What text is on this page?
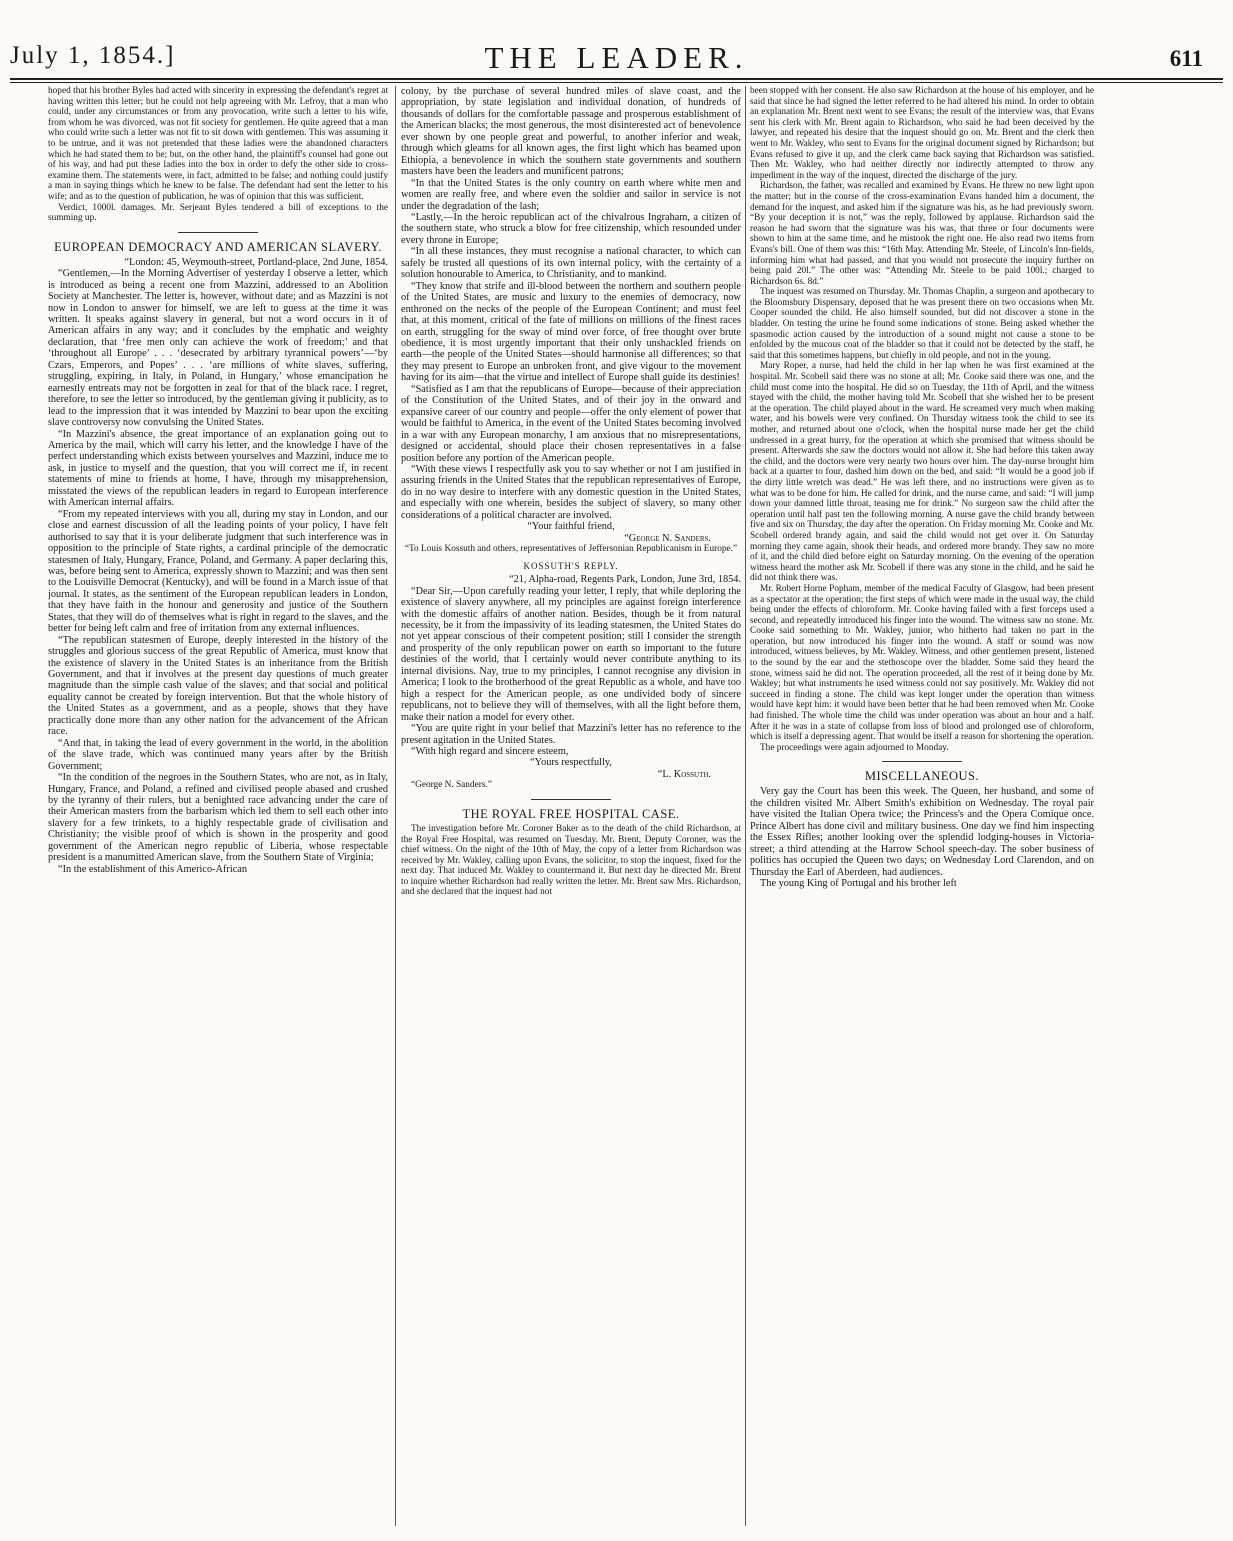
July 1, 1854.]	THE LEADER.	611

hoped that his brother Byles had acted with sincerity in expressing the defendant's regret at having written this letter; but he could not help agreeing with Mr. Lefroy, that a man who could, under any circumstances or from any provocation, write such a letter to his wife, from whom he was divorced, was not fit society for gentlemen. He quite agreed that a man who could write such a letter was not fit to sit down with gentlemen. This was assuming it to be untrue, and it was not pretended that these ladies were the abandoned characters which he had stated them to be; but, on the other hand, the plaintiff's counsel had gone out of his way, and had put these ladies into the box in order to defy the other side to cross-examine them. The statements were, in fact, admitted to be false; and nothing could justify a man in saying things which he knew to be false. The defendant had sent the letter to his wife; and as to the question of publication, he was of opinion that this was sufficient.

Verdict, 1000l. damages. Mr. Serjeant Byles tendered a bill of exceptions to the summing up.

EUROPEAN DEMOCRACY AND AMERICAN SLAVERY.

“London: 45, Weymouth-street, Portland-place, 2nd June, 1854.

“Gentlemen,—In the Morning Advertiser of yesterday I observe a letter, which is introduced as being a recent one from Mazzini, addressed to an Abolition Society at Manchester. The letter is, however, without date; and as Mazzini is not now in London to answer for himself, we are left to guess at the time it was written. It speaks against slavery in general, but not a word occurs in it of American affairs in any way; and it concludes by the emphatic and weighty declaration, that ‘free men only can achieve the work of freedom;’ and that ‘throughout all Europe’ . . . ‘desecrated by arbitrary tyrannical powers’—‘by Czars, Emperors, and Popes’ . . . ‘are millions of white slaves, suffering, struggling, expiring, in Italy, in Poland, in Hungary,’ whose emancipation he earnestly entreats may not be forgotten in zeal for that of the black race. I regret, therefore, to see the letter so introduced, by the gentleman giving it publicity, as to lead to the impression that it was intended by Mazzini to bear upon the exciting slave controversy now convulsing the United States.

“In Mazzini's absence, the great importance of an explanation going out to America by the mail, which will carry his letter, and the knowledge I have of the perfect understanding which exists between yourselves and Mazzini, induce me to ask, in justice to myself and the question, that you will correct me if, in recent statements of mine to friends at home, I have, through my misapprehension, misstated the views of the republican leaders in regard to European interference with American internal affairs.

“From my repeated interviews with you all, during my stay in London, and our close and earnest discussion of all the leading points of your policy, I have felt authorised to say that it is your deliberate judgment that such interference was in opposition to the principle of State rights, a cardinal principle of the democratic statesmen of Italy, Hungary, France, Poland, and Germany. A paper declaring this, was, before being sent to America, expressly shown to Mazzini; and was then sent to the Louisville Democrat (Kentucky), and will be found in a March issue of that journal. It states, as the sentiment of the European republican leaders in London, that they have faith in the honour and generosity and justice of the Southern States, that they will do of themselves what is right in regard to the slaves, and the better for being left calm and free of irritation from any external influences.

“The republican statesmen of Europe, deeply interested in the history of the struggles and glorious success of the great Republic of America, must know that the existence of slavery in the United States is an inheritance from the British Government, and that it involves at the present day questions of much greater magnitude than the simple cash value of the slaves; and that social and political equality cannot be created by foreign intervention. But that the whole history of the United States as a government, and as a people, shows that they have practically done more than any other nation for the advancement of the African race.

“And that, in taking the lead of every government in the world, in the abolition of the slave trade, which was continued many years after by the British Government;

“In the condition of the negroes in the Southern States, who are not, as in Italy, Hungary, France, and Poland, a refined and civilised people abased and crushed by the tyranny of their rulers, but a benighted race advancing under the care of their American masters from the barbarism which led them to sell each other into slavery for a few trinkets, to a highly respectable grade of civilisation and Christianity; the visible proof of which is shown in the prosperity and good government of the American negro republic of Liberia, whose respectable president is a manumitted American slave, from the Southern State of Virginia;

“In the establishment of this Americo-African

colony, by the purchase of several hundred miles of slave coast, and the appropriation, by state legislation and individual donation, of hundreds of thousands of dollars for the comfortable passage and prosperous establishment of the American blacks; the most generous, the most disinterested act of benevolence ever shown by one people great and powerful, to another inferior and weak, through which gleams for all known ages, the first light which has beamed upon Ethiopia, a benevolence in which the southern state governments and southern masters have been the leaders and munificent patrons;

“In that the United States is the only country on earth where white men and women are really free, and where even the soldier and sailor in service is not under the degradation of the lash;

“Lastly,—In the heroic republican act of the chivalrous Ingraham, a citizen of the southern state, who struck a blow for free citizenship, which resounded under every throne in Europe;

“In all these instances, they must recognise a national character, to which can safely be trusted all questions of its own internal policy, with the certainty of a solution honourable to America, to Christianity, and to mankind.

“They know that strife and ill-blood between the northern and southern people of the United States, are music and luxury to the enemies of democracy, now enthroned on the necks of the people of the European Continent; and must feel that, at this moment, critical of the fate of millions on millions of the finest races on earth, struggling for the sway of mind over force, of free thought over brute obedience, it is most urgently important that their only unshackled friends on earth—the people of the United States—should harmonise all differences; so that they may present to Europe an unbroken front, and give vigour to the movement having for its aim—that the virtue and intellect of Europe shall guide its destinies!

“Satisfied as I am that the republicans of Europe—because of their appreciation of the Constitution of the United States, and of their joy in the onward and expansive career of our country and people—offer the only element of power that would be faithful to America, in the event of the United States becoming involved in a war with any European monarchy, I am anxious that no misrepresentations, designed or accidental, should place their chosen representatives in a false position before any portion of the American people.

“With these views I respectfully ask you to say whether or not I am justified in assuring friends in the United States that the republican representatives of Europe, do in no way desire to interfere with any domestic question in the United States, and especially with one wherein, besides the subject of slavery, so many other considerations of a political character are involved.

“Your faithful friend,

“George N. Sanders.

“To Louis Kossuth and others, representatives of Jeffersonian Republicanism in Europe.”

KOSSUTH'S REPLY.

“21, Alpha-road, Regents Park, London, June 3rd, 1854.

“Dear Sir,—Upon carefully reading your letter, I reply, that while deploring the existence of slavery anywhere, all my principles are against foreign interference with the domestic affairs of another nation. Besides, though be it from natural necessity, be it from the impassivity of its leading statesmen, the United States do not yet appear conscious of their competent position; still I consider the strength and prosperity of the only republican power on earth so important to the future destinies of the world, that I certainly would never contribute anything to its internal divisions. Nay, true to my principles, I cannot recognise any division in America; I look to the brotherhood of the great Republic as a whole, and have too high a respect for the American people, as one undivided body of sincere republicans, not to believe they will of themselves, with all the light before them, make their nation a model for every other.

“You are quite right in your belief that Mazzini's letter has no reference to the present agitation in the United States.

“With high regard and sincere esteem,

“Yours respectfully,

“L. Kossuth.

“George N. Sanders.”

THE ROYAL FREE HOSPITAL CASE.

The investigation before Mr. Coroner Baker as to the death of the child Richardson, at the Royal Free Hospital, was resumed on Tuesday. Mr. Brent, Deputy Coroner, was the chief witness. On the night of the 10th of May, the copy of a letter from Richardson was received by Mr. Wakley, calling upon Evans, the solicitor, to stop the inquest, fixed for the next day. That induced Mr. Wakley to countermand it. But next day he directed Mr. Brent to inquire whether Richardson had really written the letter. Mr. Brent saw Mrs. Richardson, and she declared that the inquest had not

been stopped with her consent. He also saw Richardson at the house of his employer, and he said that since he had signed the letter referred to he had altered his mind. In order to obtain an explanation Mr. Brent next went to see Evans; the result of the interview was, that Evans sent his clerk with Mr. Brent again to Richardson, who said he had been deceived by the lawyer, and repeated his desire that the inquest should go on. Mr. Brent and the clerk then went to Mr. Wakley, who sent to Evans for the original document signed by Richardson; but Evans refused to give it up, and the clerk came back saying that Richardson was satisfied. Then Mr. Wakley, who had neither directly nor indirectly attempted to throw any impediment in the way of the inquest, directed the discharge of the jury.

Richardson, the father, was recalled and examined by Evans. He threw no new light upon the matter; but in the course of the cross-examination Evans handed him a document, the demand for the inquest, and asked him if the signature was his, as he had previously sworn. “By your deception it is not,” was the reply, followed by applause. Richardson said the reason he had sworn that the signature was his was, that three or four documents were shown to him at the same time, and he mistook the right one. He also read two items from Evans's bill. One of them was this: “16th May. Attending Mr. Steele, of Lincoln's Inn-fields, informing him what had passed, and that you would not prosecute the inquiry further on being paid 20l.” The other was: “Attending Mr. Steele to be paid 100l.; charged to Richardson 6s. 8d.”

The inquest was resumed on Thursday. Mr. Thomas Chaplin, a surgeon and apothecary to the Bloomsbury Dispensary, deposed that he was present there on two occasions when Mr. Cooper sounded the child. He also himself sounded, but did not discover a stone in the bladder. On testing the urine he found some indications of stone. Being asked whether the spasmodic action caused by the introduction of a sound might not cause a stone to be enfolded by the mucous coat of the bladder so that it could not be detected by the staff, he said that this sometimes happens, but chiefly in old people, and not in the young.

Mary Roper, a nurse, had held the child in her lap when he was first examined at the hospital. Mr. Scobell said there was no stone at all; Mr. Cooke said there was one, and the child must come into the hospital. He did so on Tuesday, the 11th of April, and the witness stayed with the child, the mother having told Mr. Scobell that she wished her to be present at the operation. The child played about in the ward. He screamed very much when making water, and his bowels were very confined. On Thursday witness took the child to see its mother, and returned about one o'clock, when the hospital nurse made her get the child undressed in a great hurry, for the operation at which she promised that witness should be present. Afterwards she saw the doctors would not allow it. She had before this taken away the child, and the doctors were very nearly two hours over him. The day-nurse brought him back at a quarter to four, dashed him down on the bed, and said: “It would be a good job if the dirty little wretch was dead.” He was left there, and no instructions were given as to what was to be done for him. He called for drink, and the nurse came, and said: “I will jump down your damned little throat, teasing me for drink.” No surgeon saw the child after the operation until half past ten the following morning. A nurse gave the child brandy between five and six on Thursday, the day after the operation. On Friday morning Mr. Cooke and Mr. Scobell ordered brandy again, and said the child would not get over it. On Saturday morning they came again, shook their heads, and ordered more brandy. They saw no more of it, and the child died before eight on Saturday morning. On the evening of the operation witness heard the mother ask Mr. Scobell if there was any stone in the child, and he said he did not think there was.

Mr. Robert Horne Popham, member of the medical Faculty of Glasgow, had been present as a spectator at the operation; the first steps of which were made in the usual way, the child being under the effects of chloroform. Mr. Cooke having failed with a first forceps used a second, and repeatedly introduced his finger into the wound. The witness saw no stone. Mr. Cooke said something to Mr. Wakley, junior, who hitherto had taken no part in the operation, but now introduced his finger into the wound. A staff or sound was now introduced, witness believes, by Mr. Wakley. Witness, and other gentlemen present, listened to the sound by the ear and the stethoscope over the bladder. Some said they heard the stone, witness said he did not. The operation proceeded, all the rest of it being done by Mr. Wakley; but what instruments he used witness could not say positively. Mr. Wakley did not succeed in finding a stone. The child was kept longer under the operation than witness would have kept him: it would have been better that he had been removed when Mr. Cooke had finished. The whole time the child was under operation was about an hour and a half. After it he was in a state of collapse from loss of blood and prolonged use of chloroform, which is itself a depressing agent. That would be itself a reason for shortening the operation.

The proceedings were again adjourned to Monday.

MISCELLANEOUS.

Very gay the Court has been this week. The Queen, her husband, and some of the children visited Mr. Albert Smith's exhibition on Wednesday. The royal pair have visited the Italian Opera twice; the Princess's and the Opera Comique once. Prince Albert has done civil and military business. One day we find him inspecting the Essex Rifles; another looking over the splendid lodging-houses in Victoria-street; a third attending at the Harrow School speech-day. The sober business of politics has occupied the Queen two days; on Wednesday Lord Clarendon, and on Thursday the Earl of Aberdeen, had audiences.

The young King of Portugal and his brother left
